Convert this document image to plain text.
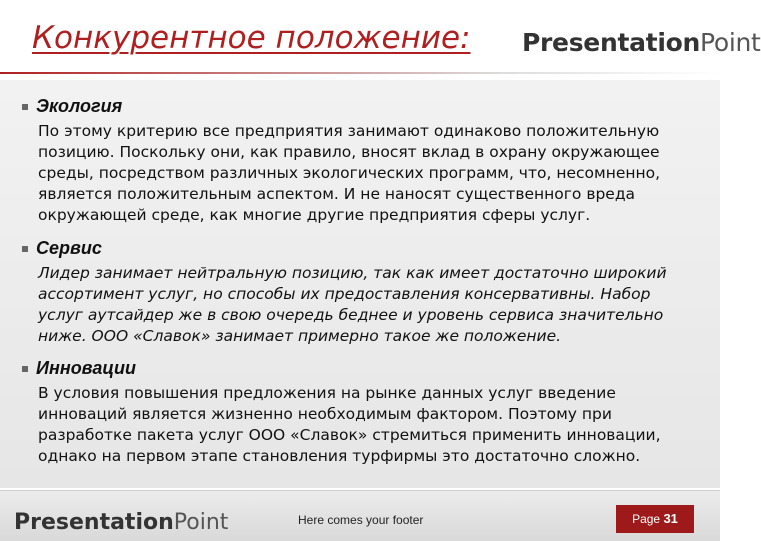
Конкурентное положение: PresentationPoint
Экология
По этому критерию все предприятия занимают одинаково положительную позицию. Поскольку они, как правило, вносят вклад в охрану окружающее среды, посредством различных экологических программ, что, несомненно, является положительным аспектом. И не наносят существенного вреда окружающей среде, как многие другие предприятия сферы услуг.
Сервис
Лидер занимает нейтральную позицию, так как имеет достаточно широкий ассортимент услуг, но способы их предоставления консервативны. Набор услуг аутсайдер же в свою очередь беднее и уровень сервиса значительно ниже. ООО «Славок» занимает примерно такое же положение.
Инновации
В условия повышения предложения на рынке данных услуг введение инноваций является жизненно необходимым фактором. Поэтому при разработке пакета услуг ООО «Славок» стремиться применить инновации, однако на первом этапе становления турфирмы это достаточно сложно.
PresentationPoint	Here comes your footer	Page 31
